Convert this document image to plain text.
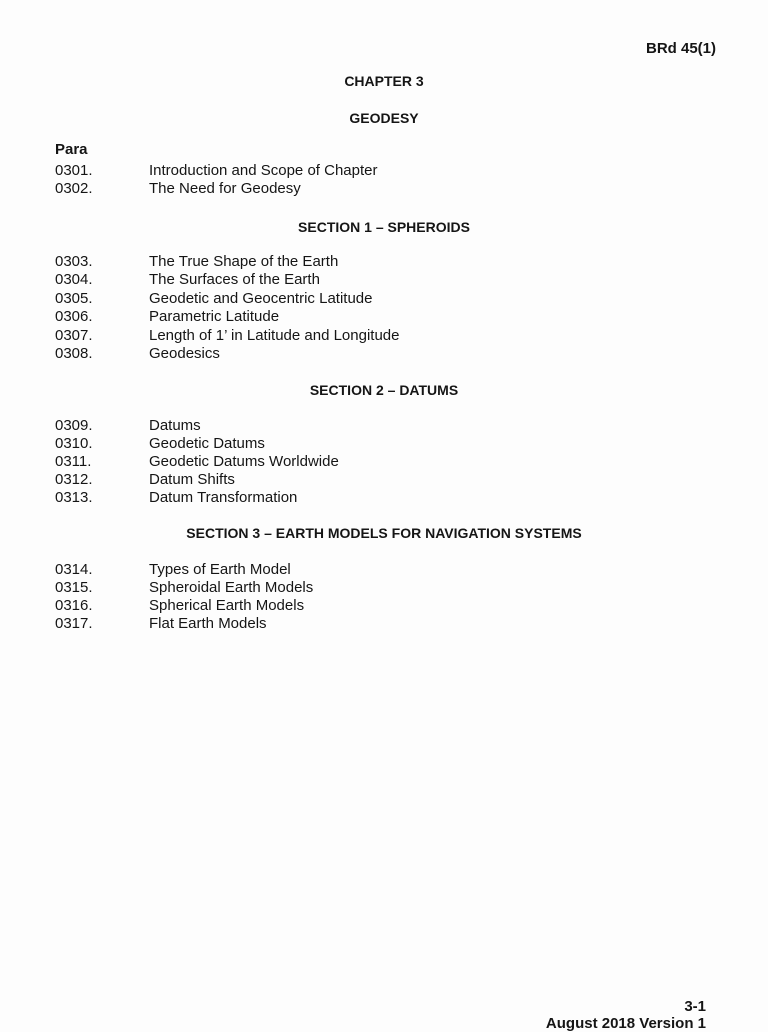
BRd 45(1)
CHAPTER 3
GEODESY
Para
0301.	Introduction and Scope of Chapter
0302.	The Need for Geodesy
SECTION 1 – SPHEROIDS
0303.	The True Shape of the Earth
0304.	The Surfaces of the Earth
0305.	Geodetic and Geocentric Latitude
0306.	Parametric Latitude
0307.	Length of 1’ in Latitude and Longitude
0308.	Geodesics
SECTION 2 – DATUMS
0309.	Datums
0310.	Geodetic Datums
0311.	Geodetic Datums Worldwide
0312.	Datum Shifts
0313.	Datum Transformation
SECTION 3 – EARTH MODELS FOR NAVIGATION SYSTEMS
0314.	Types of Earth Model
0315.	Spheroidal Earth Models
0316.	Spherical Earth Models
0317.	Flat Earth Models
3-1
August 2018 Version 1
